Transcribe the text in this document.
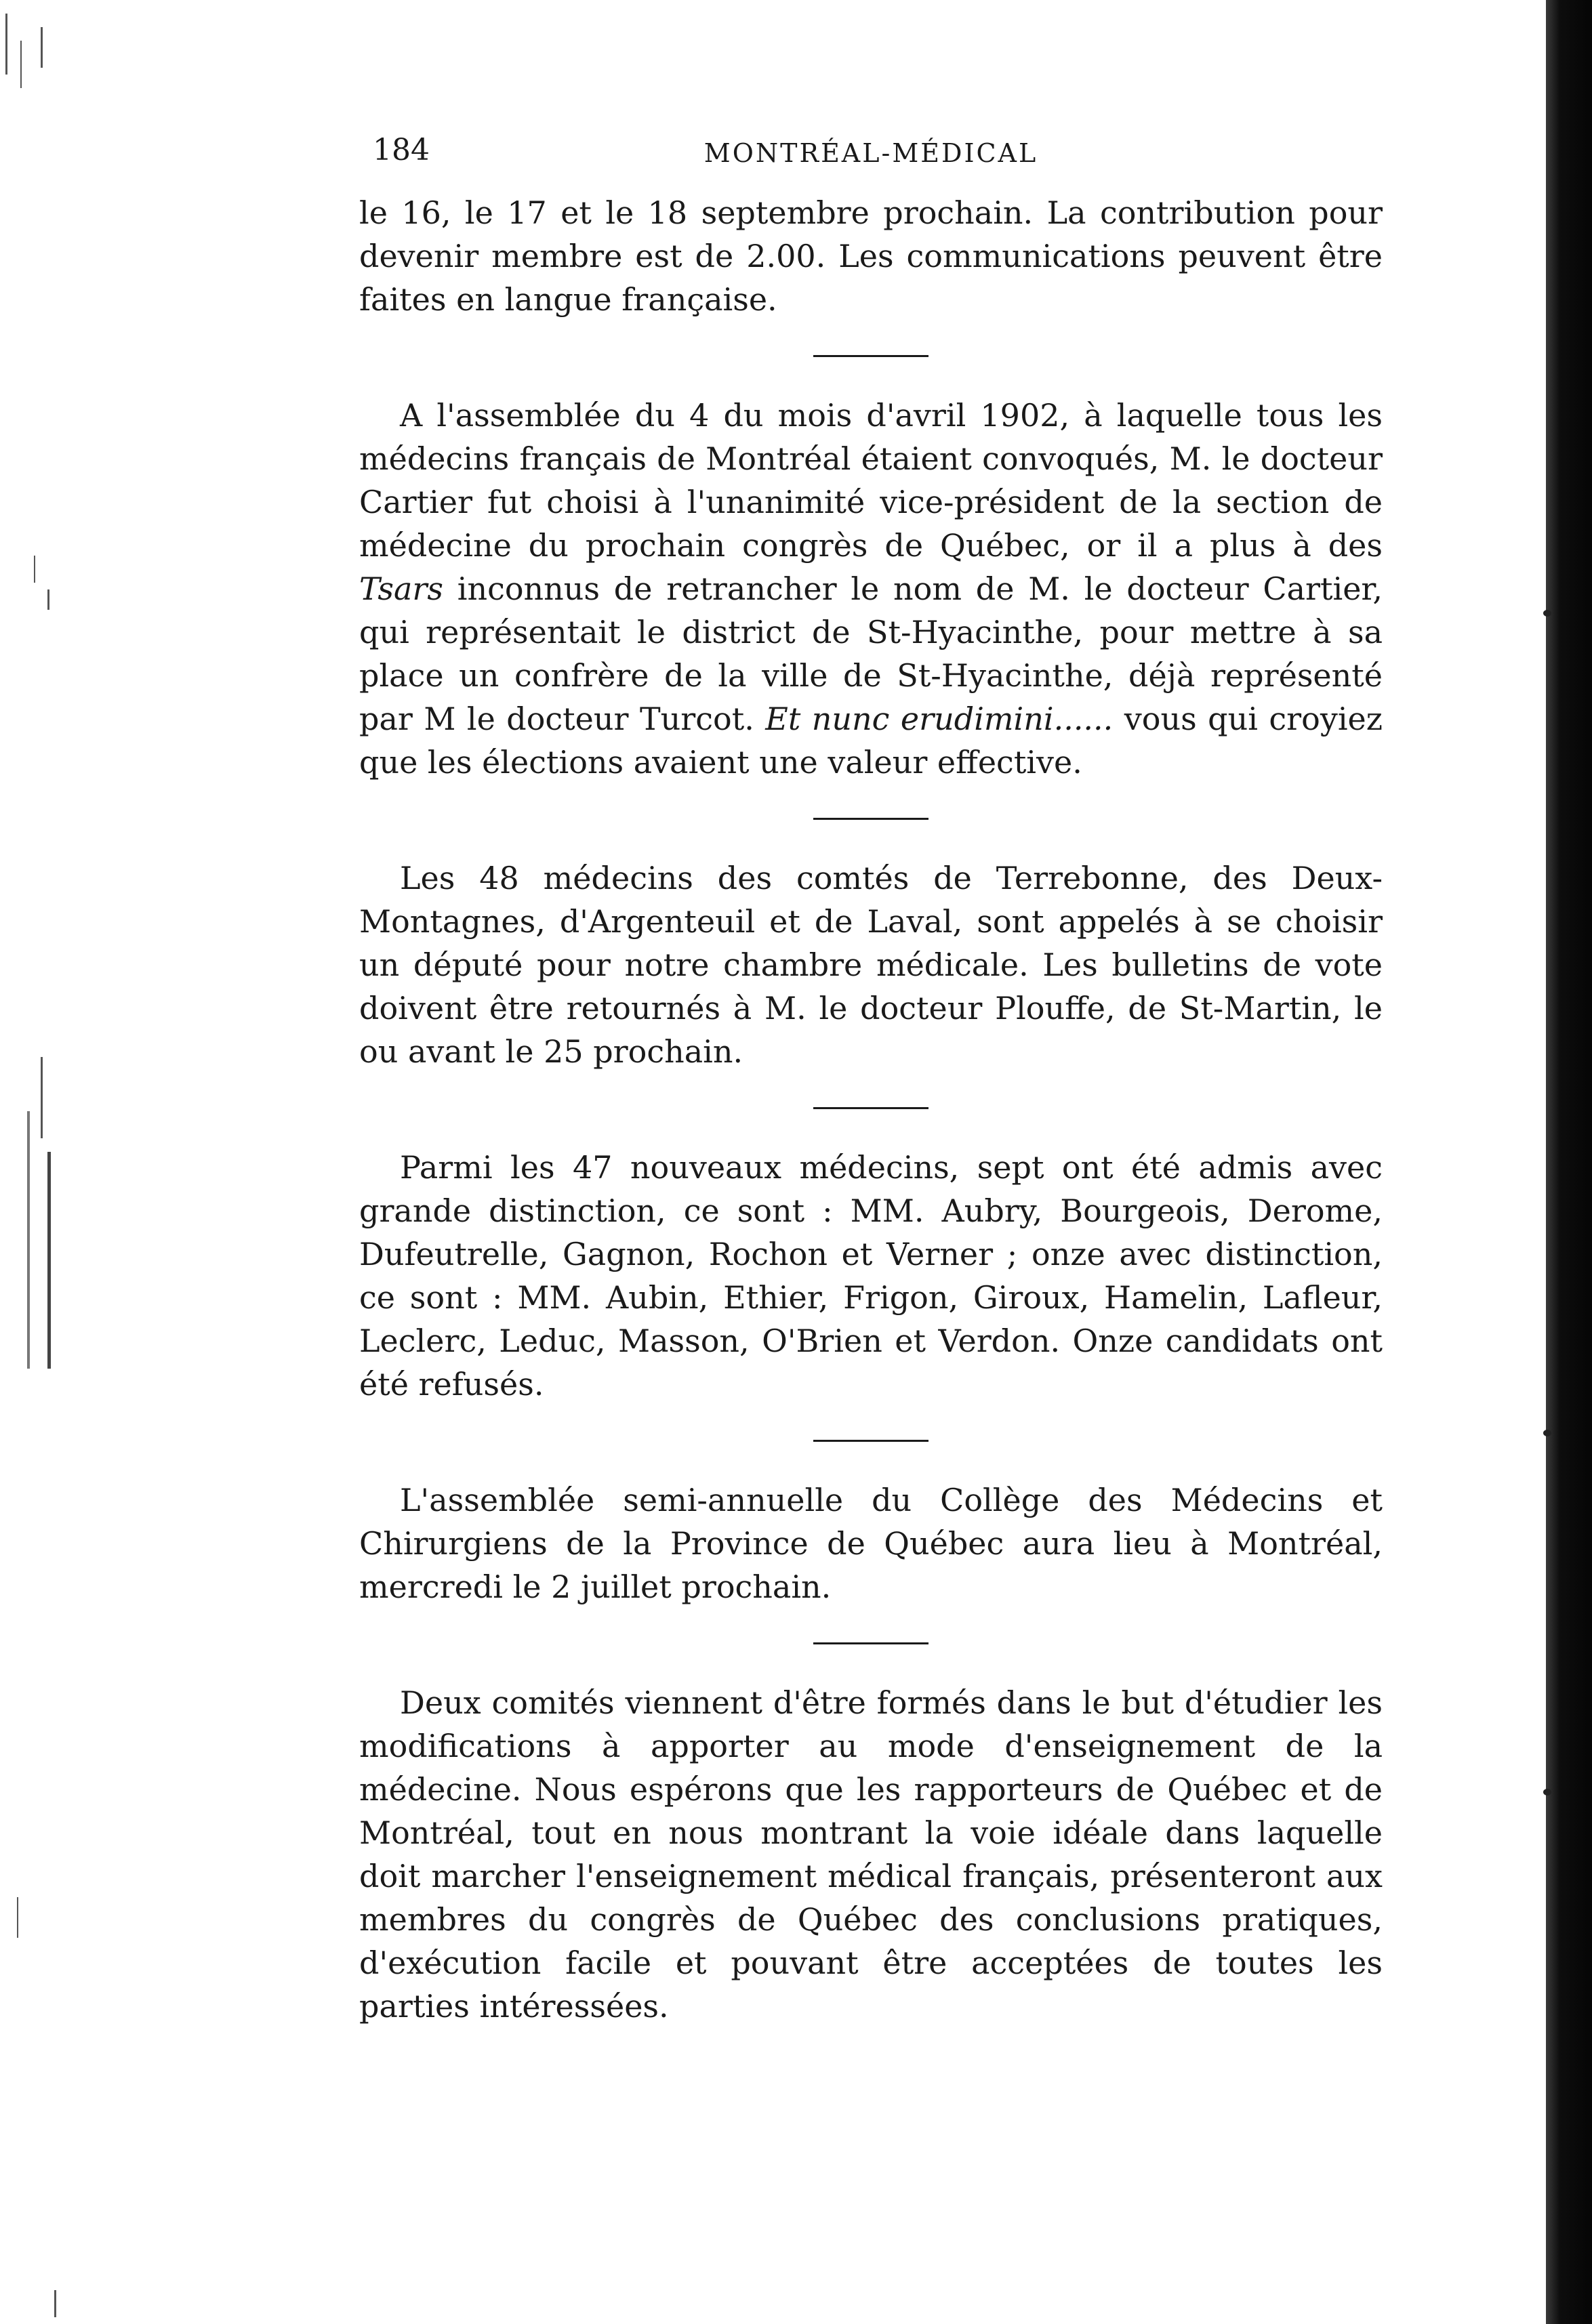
184	MONTRÉAL-MÉDICAL

le 16, le 17 et le 18 septembre prochain. La contribution pour devenir membre est de 2.00. Les communications peuvent être faites en langue française.

A l'assemblée du 4 du mois d'avril 1902, à laquelle tous les médecins français de Montréal étaient convoqués, M. le docteur Cartier fut choisi à l'unanimité vice-président de la section de médecine du prochain congrès de Québec, or il a plus à des Tsars inconnus de retrancher le nom de M. le docteur Cartier, qui représentait le district de St-Hyacinthe, pour mettre à sa place un confrère de la ville de St-Hyacinthe, déjà représenté par M le docteur Turcot. Et nunc erudimini...... vous qui croyiez que les élections avaient une valeur effective.

Les 48 médecins des comtés de Terrebonne, des Deux-Montagnes, d'Argenteuil et de Laval, sont appelés à se choisir un député pour notre chambre médicale. Les bulletins de vote doivent être retournés à M. le docteur Plouffe, de St-Martin, le ou avant le 25 prochain.

Parmi les 47 nouveaux médecins, sept ont été admis avec grande distinction, ce sont : MM. Aubry, Bourgeois, Derome, Dufeutrelle, Gagnon, Rochon et Verner ; onze avec distinction, ce sont : MM. Aubin, Ethier, Frigon, Giroux, Hamelin, Lafleur, Leclerc, Leduc, Masson, O'Brien et Verdon. Onze candidats ont été refusés.

L'assemblée semi-annuelle du Collège des Médecins et Chirurgiens de la Province de Québec aura lieu à Montréal, mercredi le 2 juillet prochain.

Deux comités viennent d'être formés dans le but d'étudier les modifications à apporter au mode d'enseignement de la médecine. Nous espérons que les rapporteurs de Québec et de Montréal, tout en nous montrant la voie idéale dans laquelle doit marcher l'enseignement médical français, présenteront aux membres du congrès de Québec des conclusions pratiques, d'exécution facile et pouvant être acceptées de toutes les parties intéressées.
